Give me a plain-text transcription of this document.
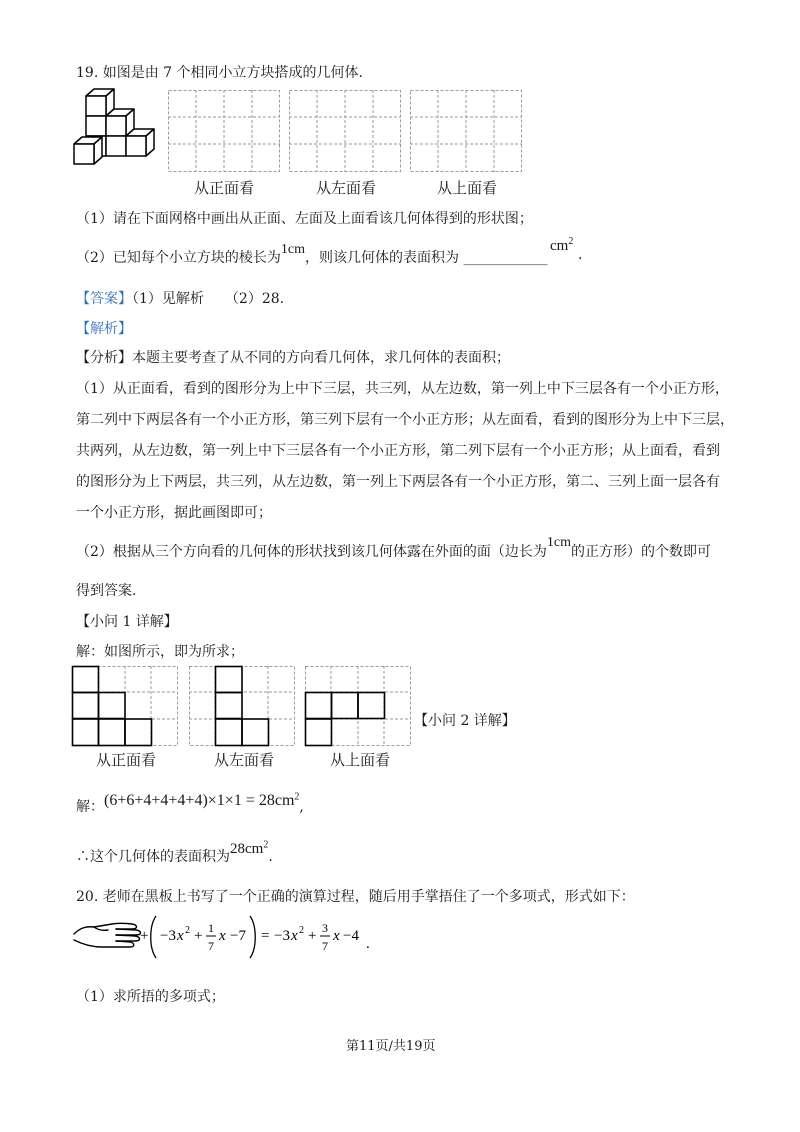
19. 如图是由 7 个相同小立方块搭成的几何体.
从正面看	从左面看	从上面看
（1）请在下面网格中画出从正面、左面及上面看该几何体得到的形状图；
（2）已知每个小立方块的棱长为1cm，则该几何体的表面积为 ____________
$cm^2$
.
【答案】（1）见解析　　（2）28.
【解析】
【分析】本题主要考查了从不同的方向看几何体，求几何体的表面积；
（1）从正面看，看到的图形分为上中下三层，共三列，从左边数，第一列上中下三层各有一个小正方形，
第二列中下两层各有一个小正方形，第三列下层有一个小正方形；从左面看，看到的图形分为上中下三层，
共两列，从左边数，第一列上中下三层各有一个小正方形，第二列下层有一个小正方形；从上面看，看到
的图形分为上下两层，共三列，从左边数，第一列上下两层各有一个小正方形，第二、三列上面一层各有
一个小正方形，据此画图即可；
（2）根据从三个方向看的几何体的形状找到该几何体露在外面的面（边长为1cm的正方形）的个数即可
得到答案.
【小问 1 详解】
解：如图所示，即为所求；
【小问 2 详解】
从正面看	从左面看	从上面看
解：$(6+6+4+4+4+4)\times 1\times 1 = 28cm^2$,
∴这个几何体的表面积为$28cm^2$.
20. 老师在黑板上书写了一个正确的演算过程，随后用手掌捂住了一个多项式，形式如下：
+ −3 x 2 + 1
7
x −7 = −3 x 2 + 3
7
x −4 .
（1）求所捂的多项式；
第11页/共19页
